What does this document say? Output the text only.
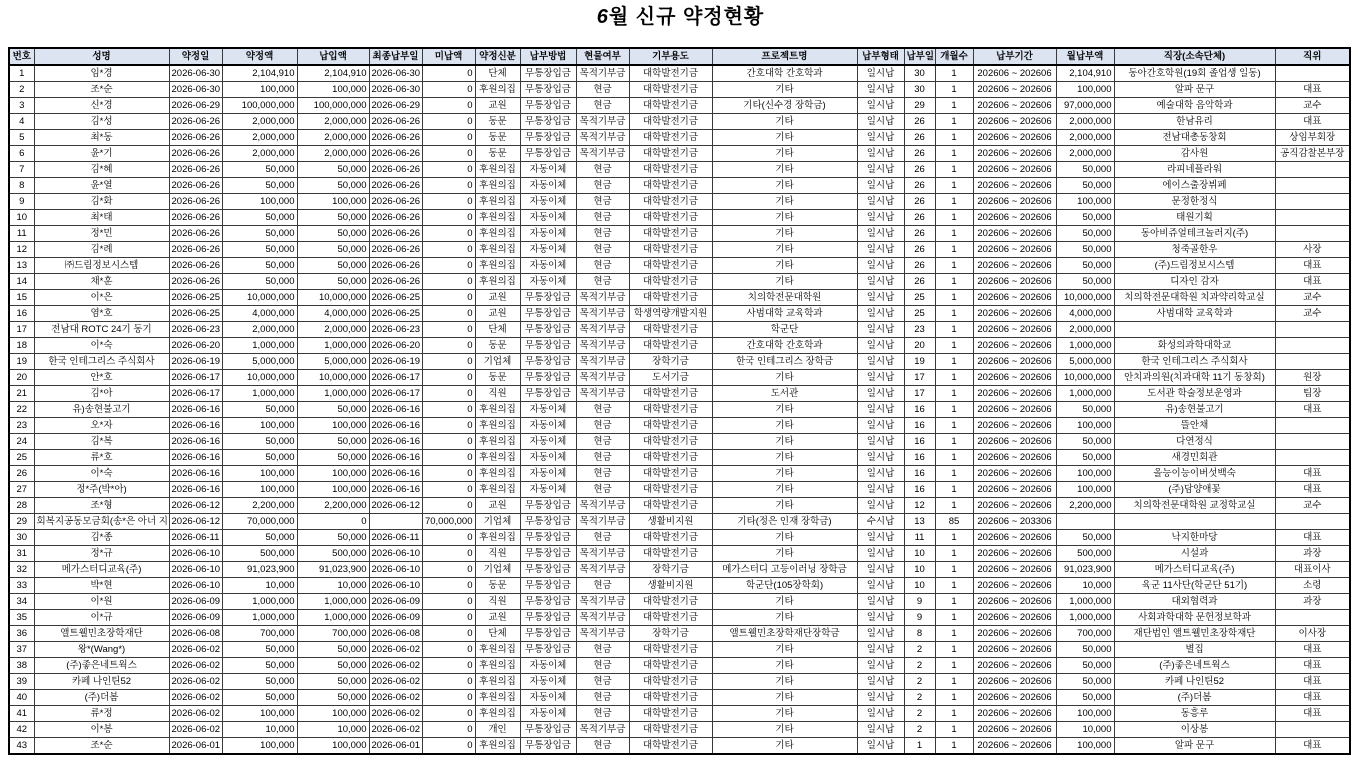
6월 신규 약정현황
번호	성명	약정일	약정액	납입액	최종납부일	미납액	약정신분	납부방법	현물여부	기부용도	프로젝트명	납부형태	납부일	개월수	납부기간	월납부액	직장(소속단체)	직위
1	임*경	2026-06-30	2,104,910	2,104,910	2026-06-30	0	단체	무통장입금	목적기부금	대학발전기금	간호대학 간호학과	일시납	30	1	202606 ~ 202606	2,104,910	동아간호학원(19회 졸업생 일동)	
2	조*순	2026-06-30	100,000	100,000	2026-06-30	0	후원의집	무통장입금	현금	대학발전기금	기타	일시납	30	1	202606 ~ 202606	100,000	알파 문구	대표
3	신*경	2026-06-29	100,000,000	100,000,000	2026-06-29	0	교원	무통장입금	현금	대학발전기금	기타(신수경 장학금)	일시납	29	1	202606 ~ 202606	97,000,000	예술대학 음악학과	교수
4	김*성	2026-06-26	2,000,000	2,000,000	2026-06-26	0	동문	무통장입금	목적기부금	대학발전기금	기타	일시납	26	1	202606 ~ 202606	2,000,000	한남유리	대표
5	최*동	2026-06-26	2,000,000	2,000,000	2026-06-26	0	동문	무통장입금	목적기부금	대학발전기금	기타	일시납	26	1	202606 ~ 202606	2,000,000	전남대총동창회	상임부회장
6	윤*기	2026-06-26	2,000,000	2,000,000	2026-06-26	0	동문	무통장입금	목적기부금	대학발전기금	기타	일시납	26	1	202606 ~ 202606	2,000,000	감사원	공직감찰본부장
7	김*혜	2026-06-26	50,000	50,000	2026-06-26	0	후원의집	자동이체	현금	대학발전기금	기타	일시납	26	1	202606 ~ 202606	50,000	라피네플라워	
8	윤*열	2026-06-26	50,000	50,000	2026-06-26	0	후원의집	자동이체	현금	대학발전기금	기타	일시납	26	1	202606 ~ 202606	50,000	에이스출장뷔페	
9	김*화	2026-06-26	100,000	100,000	2026-06-26	0	후원의집	자동이체	현금	대학발전기금	기타	일시납	26	1	202606 ~ 202606	100,000	문정한정식	
10	최*태	2026-06-26	50,000	50,000	2026-06-26	0	후원의집	자동이체	현금	대학발전기금	기타	일시납	26	1	202606 ~ 202606	50,000	태원기획	
11	정*민	2026-06-26	50,000	50,000	2026-06-26	0	후원의집	자동이체	현금	대학발전기금	기타	일시납	26	1	202606 ~ 202606	50,000	동아비쥬얼테크놀러지(주)	
12	김*례	2026-06-26	50,000	50,000	2026-06-26	0	후원의집	자동이체	현금	대학발전기금	기타	일시납	26	1	202606 ~ 202606	50,000	청죽골한우	사장
13	㈜드림정보시스템	2026-06-26	50,000	50,000	2026-06-26	0	후원의집	자동이체	현금	대학발전기금	기타	일시납	26	1	202606 ~ 202606	50,000	(주)드림정보시스템	대표
14	채*훈	2026-06-26	50,000	50,000	2026-06-26	0	후원의집	자동이체	현금	대학발전기금	기타	일시납	26	1	202606 ~ 202606	50,000	디자인 감자	대표
15	이*은	2026-06-25	10,000,000	10,000,000	2026-06-25	0	교원	무통장입금	목적기부금	대학발전기금	치의학전문대학원	일시납	25	1	202606 ~ 202606	10,000,000	치의학전문대학원 치과약리학교실	교수
16	염*호	2026-06-25	4,000,000	4,000,000	2026-06-25	0	교원	무통장입금	목적기부금	학생역량개발지원	사범대학 교육학과	일시납	25	1	202606 ~ 202606	4,000,000	사범대학 교육학과	교수
17	전남대 ROTC 24기 동기	2026-06-23	2,000,000	2,000,000	2026-06-23	0	단체	무통장입금	목적기부금	대학발전기금	학군단	일시납	23	1	202606 ~ 202606	2,000,000		
18	이*숙	2026-06-20	1,000,000	1,000,000	2026-06-20	0	동문	무통장입금	목적기부금	대학발전기금	간호대학 간호학과	일시납	20	1	202606 ~ 202606	1,000,000	화성의과학대학교	
19	한국 인테그리스 주식회사	2026-06-19	5,000,000	5,000,000	2026-06-19	0	기업체	무통장입금	목적기부금	장학기금	한국 인테그리스 장학금	일시납	19	1	202606 ~ 202606	5,000,000	한국 인테그리스 주식회사	
20	안*호	2026-06-17	10,000,000	10,000,000	2026-06-17	0	동문	무통장입금	목적기부금	도서기금	기타	일시납	17	1	202606 ~ 202606	10,000,000	안치과의원(치과대학 11기 동창회)	원장
21	김*아	2026-06-17	1,000,000	1,000,000	2026-06-17	0	직원	무통장입금	목적기부금	대학발전기금	도서관	일시납	17	1	202606 ~ 202606	1,000,000	도서관 학술정보운영과	팀장
22	유)송현불고기	2026-06-16	50,000	50,000	2026-06-16	0	후원의집	자동이체	현금	대학발전기금	기타	일시납	16	1	202606 ~ 202606	50,000	유)송현불고기	대표
23	오*자	2026-06-16	100,000	100,000	2026-06-16	0	후원의집	자동이체	현금	대학발전기금	기타	일시납	16	1	202606 ~ 202606	100,000	뜰안채	
24	김*복	2026-06-16	50,000	50,000	2026-06-16	0	후원의집	자동이체	현금	대학발전기금	기타	일시납	16	1	202606 ~ 202606	50,000	다연정식	
25	류*호	2026-06-16	50,000	50,000	2026-06-16	0	후원의집	자동이체	현금	대학발전기금	기타	일시납	16	1	202606 ~ 202606	50,000	새경민회관	
26	이*숙	2026-06-16	100,000	100,000	2026-06-16	0	후원의집	자동이체	현금	대학발전기금	기타	일시납	16	1	202606 ~ 202606	100,000	올능이능이버섯백숙	대표
27	정*주(박*아)	2026-06-16	100,000	100,000	2026-06-16	0	후원의집	자동이체	현금	대학발전기금	기타	일시납	16	1	202606 ~ 202606	100,000	(주)담양애꽃	대표
28	조*형	2026-06-12	2,200,000	2,200,000	2026-06-12	0	교원	무통장입금	목적기부금	대학발전기금	기타	일시납	12	1	202606 ~ 202606	2,200,000	치의학전문대학원 교정학교실	교수
29	회복지공동모금회(송*은 아너 지	2026-06-12	70,000,000	0		70,000,000	기업체	무통장입금	목적기부금	생활비지원	기타(정은 인재 장학금)	수시납	13	85	202606 ~ 203306			
30	김*종	2026-06-11	50,000	50,000	2026-06-11	0	후원의집	무통장입금	현금	대학발전기금	기타	일시납	11	1	202606 ~ 202606	50,000	낙지한마당	대표
31	정*규	2026-06-10	500,000	500,000	2026-06-10	0	직원	무통장입금	목적기부금	대학발전기금	기타	일시납	10	1	202606 ~ 202606	500,000	시설과	과장
32	메가스터디교육(주)	2026-06-10	91,023,900	91,023,900	2026-06-10	0	기업체	무통장입금	목적기부금	장학기금	메가스터디 고등이러닝 장학금	일시납	10	1	202606 ~ 202606	91,023,900	메가스터디교육(주)	대표이사
33	박*현	2026-06-10	10,000	10,000	2026-06-10	0	동문	무통장입금	현금	생활비지원	학군단(105장학회)	일시납	10	1	202606 ~ 202606	10,000	육군 11사단(학군단 51기)	소령
34	이*원	2026-06-09	1,000,000	1,000,000	2026-06-09	0	직원	무통장입금	목적기부금	대학발전기금	기타	일시납	9	1	202606 ~ 202606	1,000,000	대외협력과	과장
35	이*규	2026-06-09	1,000,000	1,000,000	2026-06-09	0	교원	무통장입금	목적기부금	대학발전기금	기타	일시납	9	1	202606 ~ 202606	1,000,000	사회과학대학 문헌정보학과	
36	앨트웰민초장학재단	2026-06-08	700,000	700,000	2026-06-08	0	단체	무통장입금	목적기부금	장학기금	앨트웰민초장학재단장학금	일시납	8	1	202606 ~ 202606	700,000	재단법인 앨트웰민초장학재단	이사장
37	왕*(Wang*)	2026-06-02	50,000	50,000	2026-06-02	0	후원의집	무통장입금	현금	대학발전기금	기타	일시납	2	1	202606 ~ 202606	50,000	별집	대표
38	(주)좋은네트웍스	2026-06-02	50,000	50,000	2026-06-02	0	후원의집	자동이체	현금	대학발전기금	기타	일시납	2	1	202606 ~ 202606	50,000	(주)좋은네트웍스	대표
39	카페 나인틴52	2026-06-02	50,000	50,000	2026-06-02	0	후원의집	자동이체	현금	대학발전기금	기타	일시납	2	1	202606 ~ 202606	50,000	카페 나인틴52	대표
40	(주)더봄	2026-06-02	50,000	50,000	2026-06-02	0	후원의집	자동이체	현금	대학발전기금	기타	일시납	2	1	202606 ~ 202606	50,000	(주)더봄	대표
41	류*정	2026-06-02	100,000	100,000	2026-06-02	0	후원의집	자동이체	현금	대학발전기금	기타	일시납	2	1	202606 ~ 202606	100,000	동흥루	대표
42	이*봉	2026-06-02	10,000	10,000	2026-06-02	0	개인	무통장입금	목적기부금	대학발전기금	기타	일시납	2	1	202606 ~ 202606	10,000	이상봉	
43	조*순	2026-06-01	100,000	100,000	2026-06-01	0	후원의집	무통장입금	현금	대학발전기금	기타	일시납	1	1	202606 ~ 202606	100,000	알파 문구	대표
